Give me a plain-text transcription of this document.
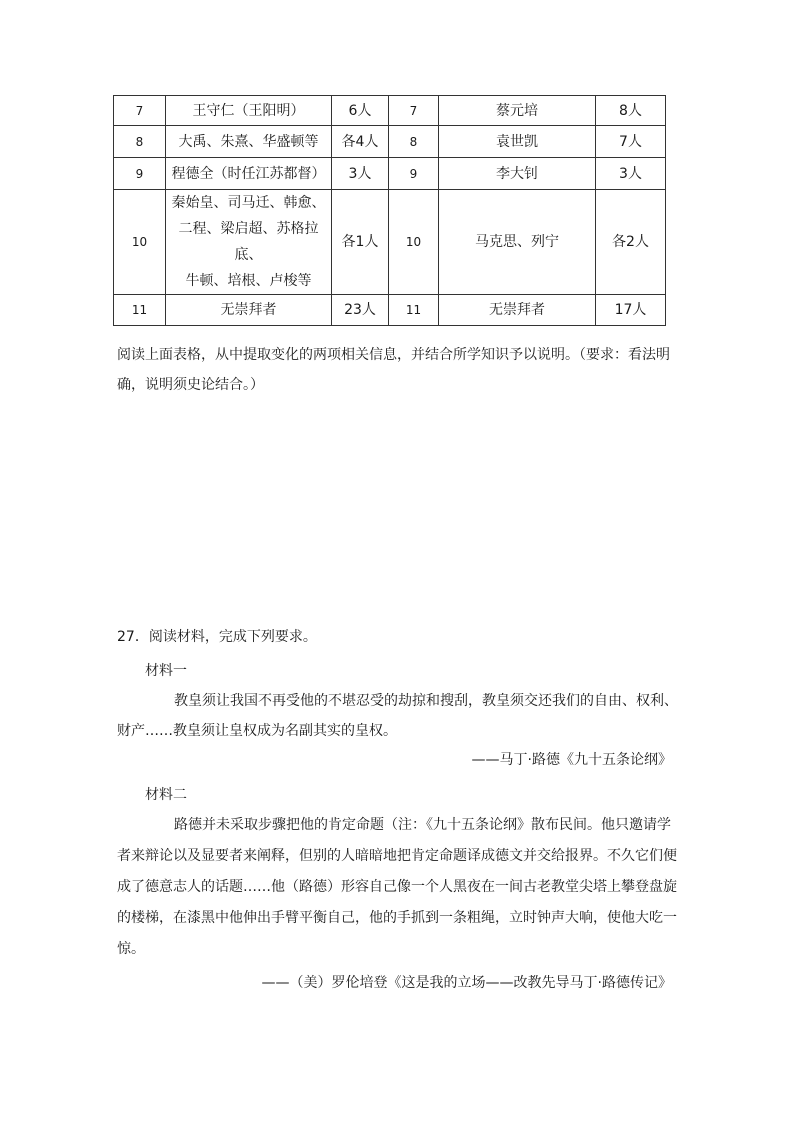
7	王守仁（王阳明）	6人	7	蔡元培	8人
8	大禹、朱熹、华盛顿等	各4人	8	袁世凯	7人
9	程德全（时任江苏都督）	3人	9	李大钊	3人
10	秦始皇、司马迁、韩愈、
二程、梁启超、苏格拉底、
牛顿、培根、卢梭等	各1人	10	马克思、列宁	各2人
11	无崇拜者	23人	11	无崇拜者	17人

阅读上面表格，从中提取变化的两项相关信息，并结合所学知识予以说明。（要求：看法明确，说明须史论结合。）

27．阅读材料，完成下列要求。

材料一

教皇须让我国不再受他的不堪忍受的劫掠和搜刮，教皇须交还我们的自由、权利、财产……教皇须让皇权成为名副其实的皇权。

——马丁·路德《九十五条论纲》

材料二

路德并未采取步骤把他的肯定命题（注：《九十五条论纲》散布民间。他只邀请学者来辩论以及显要者来阐释，但别的人暗暗地把肯定命题译成德文并交给报界。不久它们便成了德意志人的话题……他（路德）形容自己像一个人黑夜在一间古老教堂尖塔上攀登盘旋的楼梯，在漆黑中他伸出手臂平衡自己，他的手抓到一条粗绳，立时钟声大响，使他大吃一惊。

——（美）罗伦培登《这是我的立场——改教先导马丁·路德传记》
